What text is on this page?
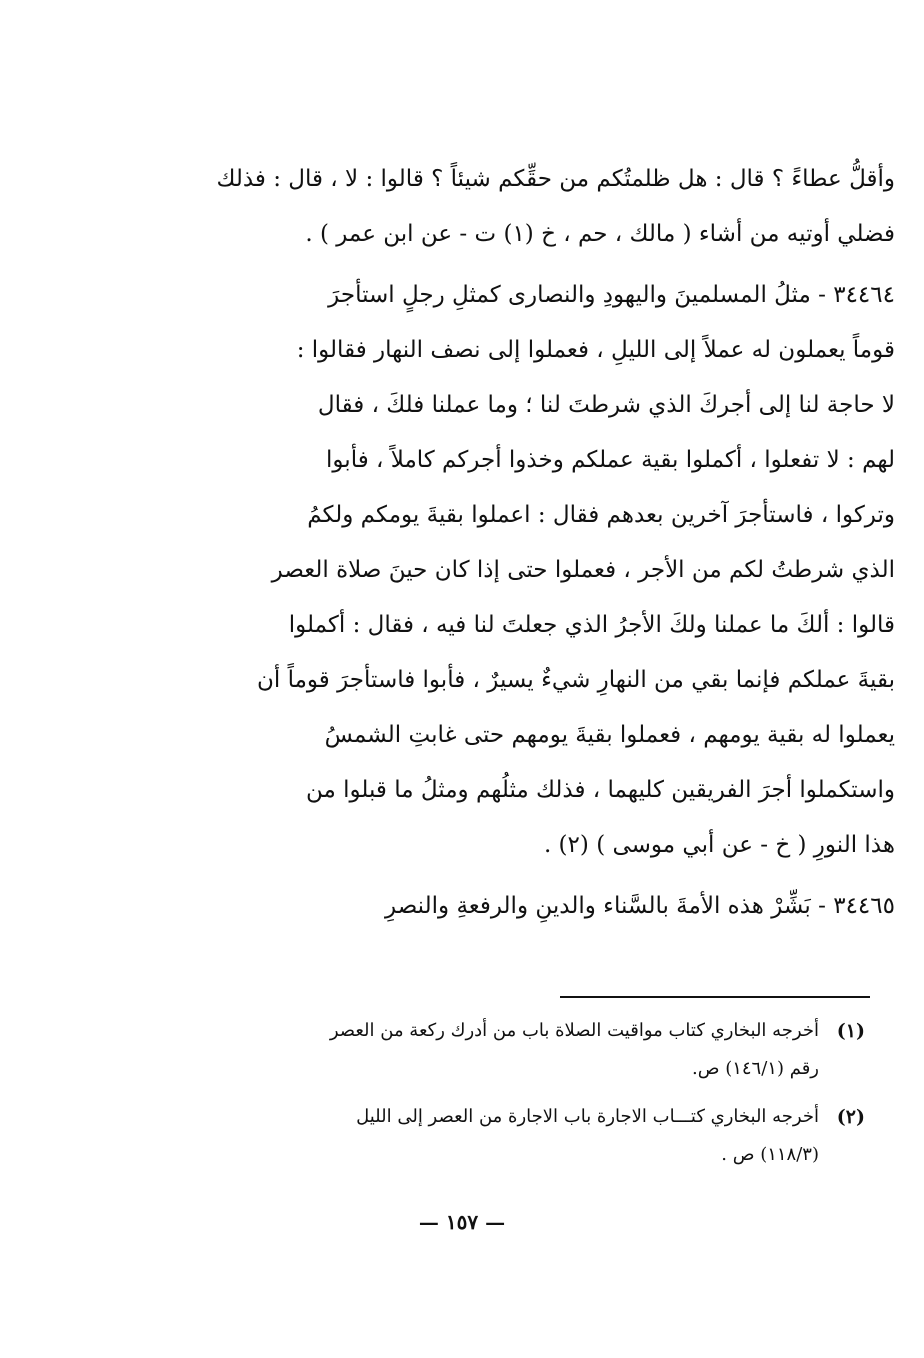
وأقلُّ عطاءً ؟ قال : هل ظلمتُكم من حقِّكم شيئاً ؟ قالوا : لا ، قال : فذلك
فضلي أوتيه من أشاء ( مالك ، حم ، خ (١) ت - عن ابن عمر ) .
٣٤٤٦٤ - مثلُ المسلمينَ واليهودِ والنصارى كمثلِ رجلٍ استأجرَ
قوماً يعملون له عملاً إلى الليلِ ، فعملوا إلى نصف النهار فقالوا :
لا حاجة لنا إلى أجركَ الذي شرطتَ لنا ؛ وما عملنا فلكَ ، فقال
لهم : لا تفعلوا ، أكملوا بقية عملكم وخذوا أجركم كاملاً ، فأبوا
وتركوا ، فاستأجرَ آخرين بعدهم فقال : اعملوا بقيةَ يومكم ولكمُ
الذي شرطتُ لكم من الأجر ، فعملوا حتى إذا كان حينَ صلاة العصر
قالوا : ألكَ ما عملنا ولكَ الأجرُ الذي جعلتَ لنا فيه ، فقال : أكملوا
بقيةَ عملكم فإنما بقي من النهارِ شيءٌ يسيرٌ ، فأبوا فاستأجرَ قوماً أن
يعملوا له بقية يومهم ، فعملوا بقيةَ يومهم حتى غابتِ الشمسُ
واستكملوا أجرَ الفريقين كليهما ، فذلك مثلُهم ومثلُ ما قبلوا من
هذا النورِ ( خ - عن أبي موسى ) (٢) .
٣٤٤٦٥ - بَشِّرْ هذه الأمةَ بالسَّناء والدينِ والرفعةِ والنصرِ
(١)
أخرجه البخاري كتاب مواقيت الصلاة باب من أدرك ركعة من العصر
رقم (١٤٦/١) ص.
(٢)
أخرجه البخاري كتـــاب الاجارة باب الاجارة من العصر إلى الليل
(١١٨/٣) ص .
— ١٥٧ —
